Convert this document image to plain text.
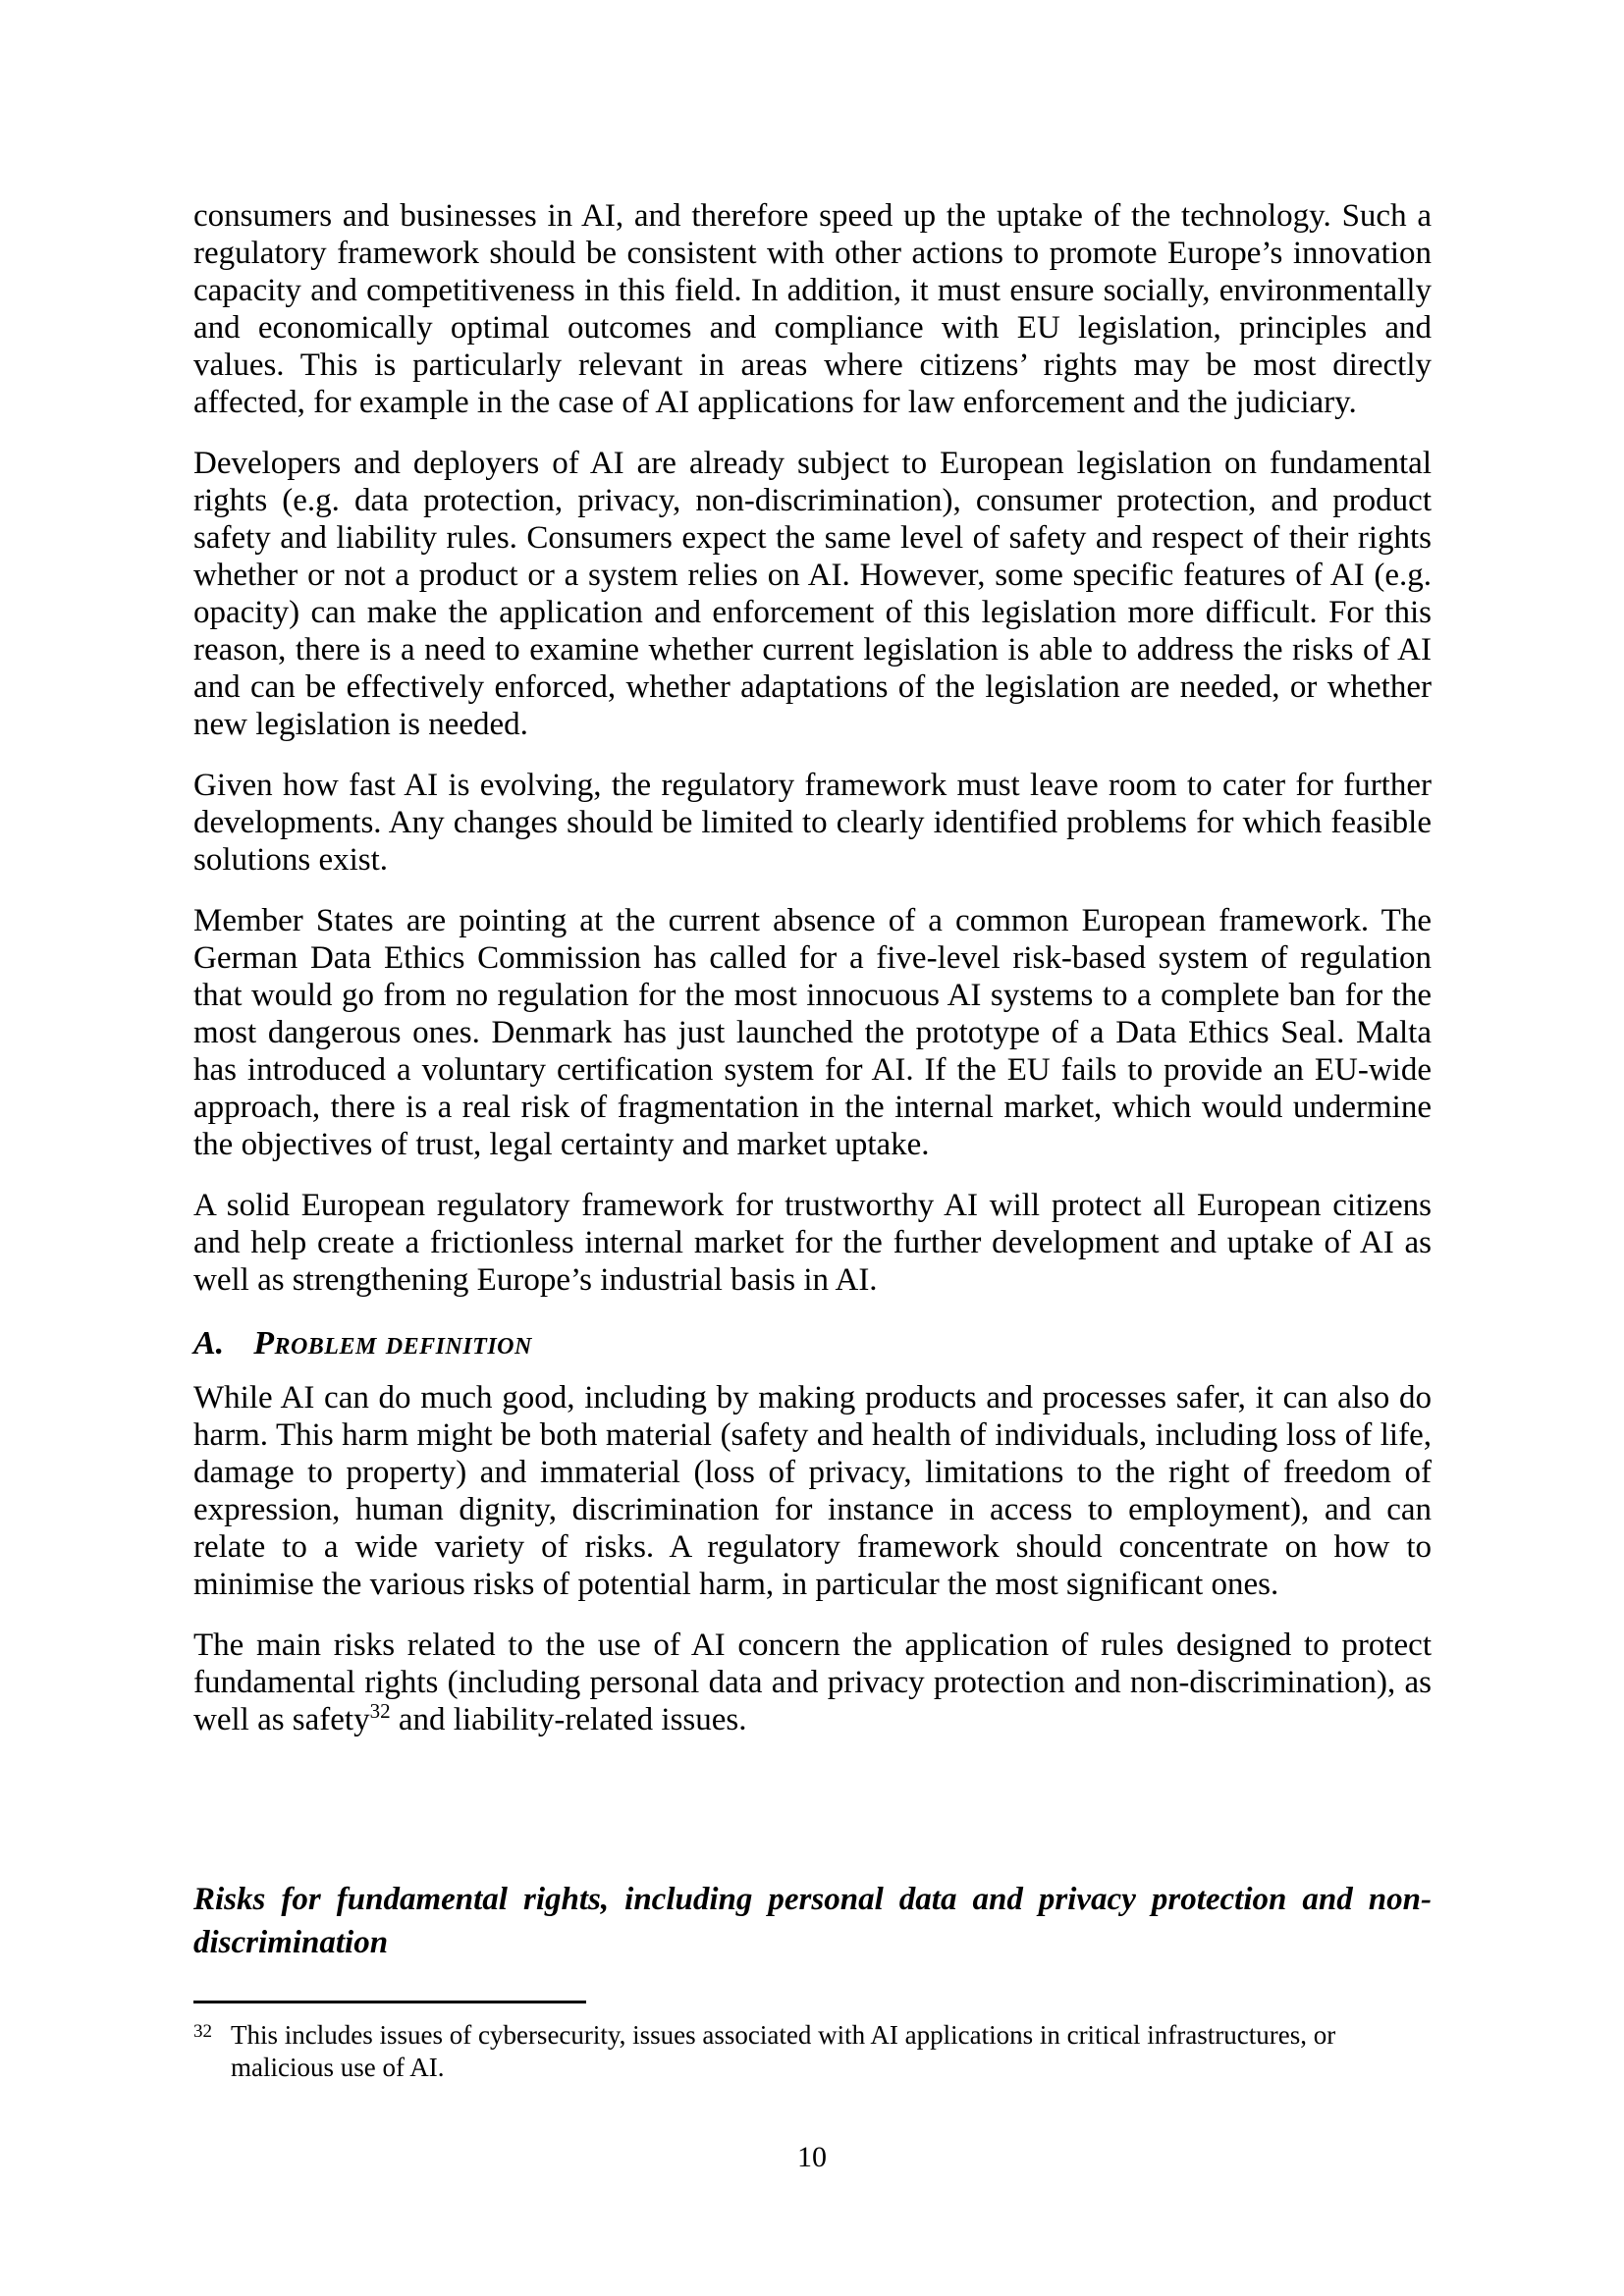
consumers and businesses in AI, and therefore speed up the uptake of the technology. Such a regulatory framework should be consistent with other actions to promote Europe’s innovation capacity and competitiveness in this field. In addition, it must ensure socially, environmentally and economically optimal outcomes and compliance with EU legislation, principles and values. This is particularly relevant in areas where citizens’ rights may be most directly affected, for example in the case of AI applications for law enforcement and the judiciary.

Developers and deployers of AI are already subject to European legislation on fundamental rights (e.g. data protection, privacy, non-discrimination), consumer protection, and product safety and liability rules. Consumers expect the same level of safety and respect of their rights whether or not a product or a system relies on AI. However, some specific features of AI (e.g. opacity) can make the application and enforcement of this legislation more difficult. For this reason, there is a need to examine whether current legislation is able to address the risks of AI and can be effectively enforced, whether adaptations of the legislation are needed, or whether new legislation is needed.

Given how fast AI is evolving, the regulatory framework must leave room to cater for further developments. Any changes should be limited to clearly identified problems for which feasible solutions exist.

Member States are pointing at the current absence of a common European framework. The German Data Ethics Commission has called for a five-level risk-based system of regulation that would go from no regulation for the most innocuous AI systems to a complete ban for the most dangerous ones. Denmark has just launched the prototype of a Data Ethics Seal. Malta has introduced a voluntary certification system for AI. If the EU fails to provide an EU-wide approach, there is a real risk of fragmentation in the internal market, which would undermine the objectives of trust, legal certainty and market uptake.

A solid European regulatory framework for trustworthy AI will protect all European citizens and help create a frictionless internal market for the further development and uptake of AI as well as strengthening Europe’s industrial basis in AI.

A. Problem definition

While AI can do much good, including by making products and processes safer, it can also do harm. This harm might be both material (safety and health of individuals, including loss of life, damage to property) and immaterial (loss of privacy, limitations to the right of freedom of expression, human dignity, discrimination for instance in access to employment), and can relate to a wide variety of risks. A regulatory framework should concentrate on how to minimise the various risks of potential harm, in particular the most significant ones.

The main risks related to the use of AI concern the application of rules designed to protect fundamental rights (including personal data and privacy protection and non-discrimination), as well as safety$^{32}$ and liability-related issues.

Risks for fundamental rights, including personal data and privacy protection and non-discrimination
32 This includes issues of cybersecurity, issues associated with AI applications in critical infrastructures, or malicious use of AI.
10
